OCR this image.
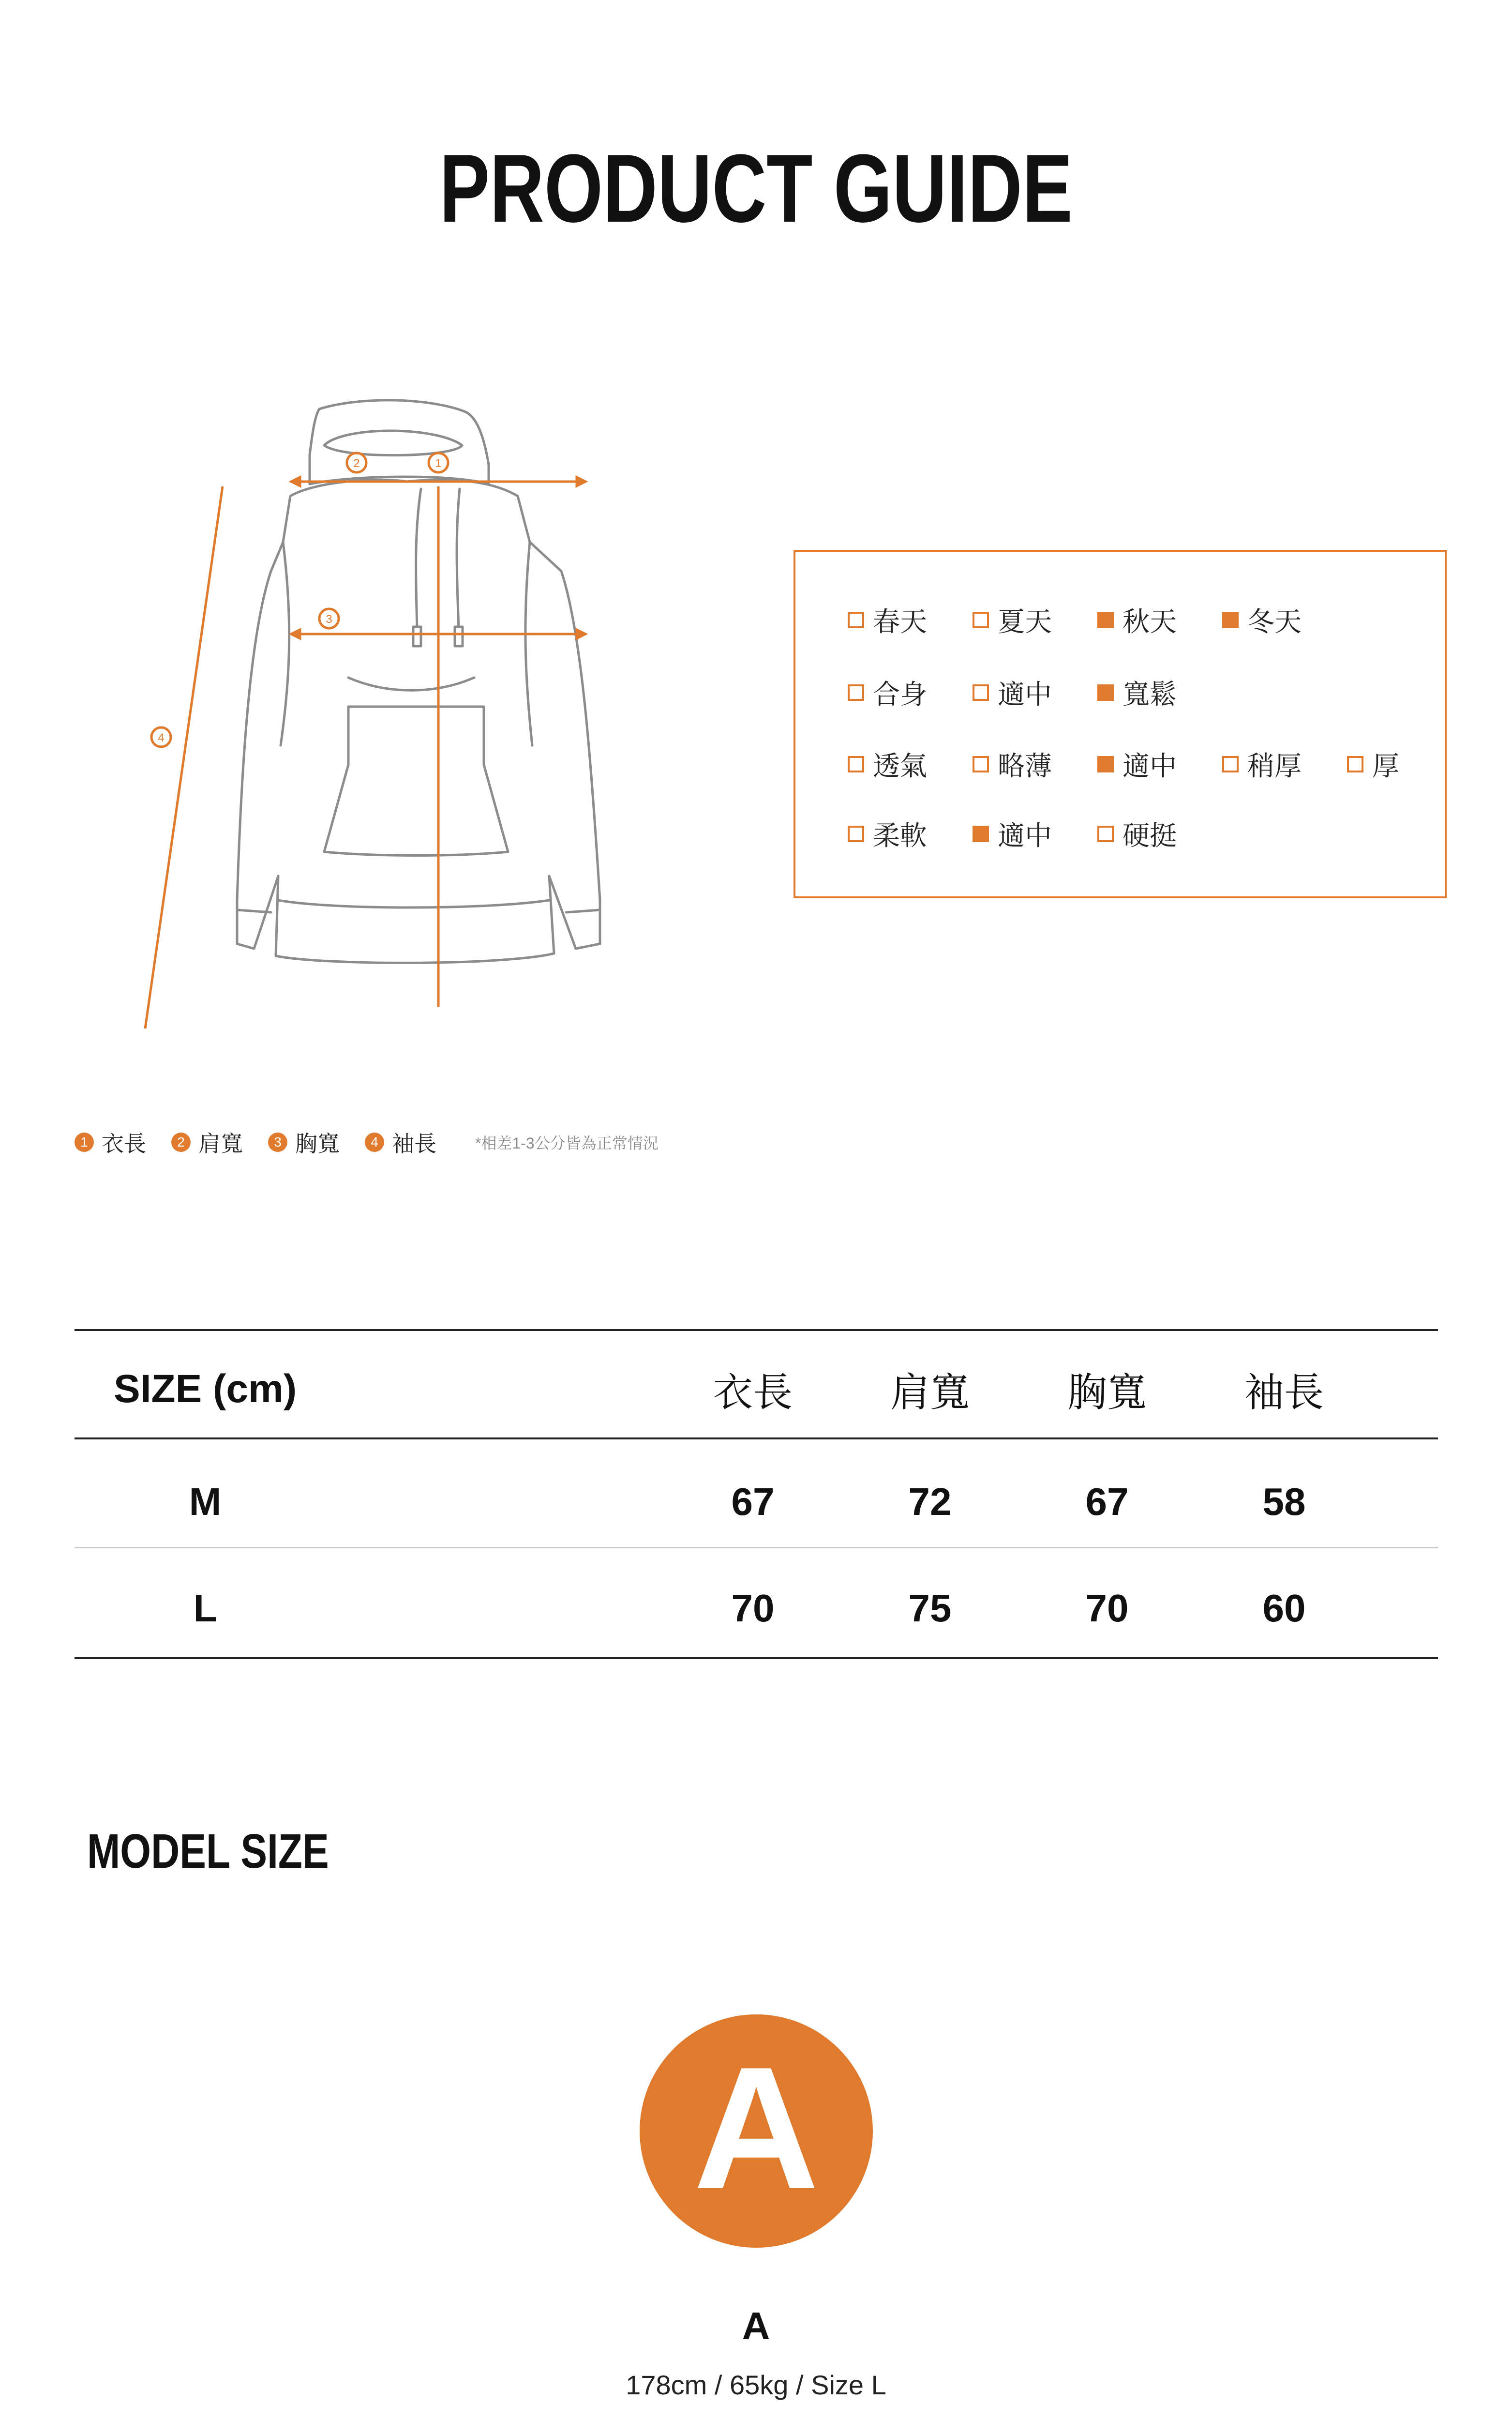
PRODUCT GUIDE
2	1
3
4
1 衣長	2 肩寬	3 胸寬	4 袖長	*相差1-3公分皆為正常情況
春天	夏天	秋天	冬天
合身	適中	寬鬆
透氣	略薄	適中	稍厚	厚
柔軟	適中	硬挺
SIZE (cm)	衣長	肩寬	胸寬	袖長
M	67	72	67	58
L	70	75	70	60
MODEL SIZE
A
A
178cm / 65kg / Size L
